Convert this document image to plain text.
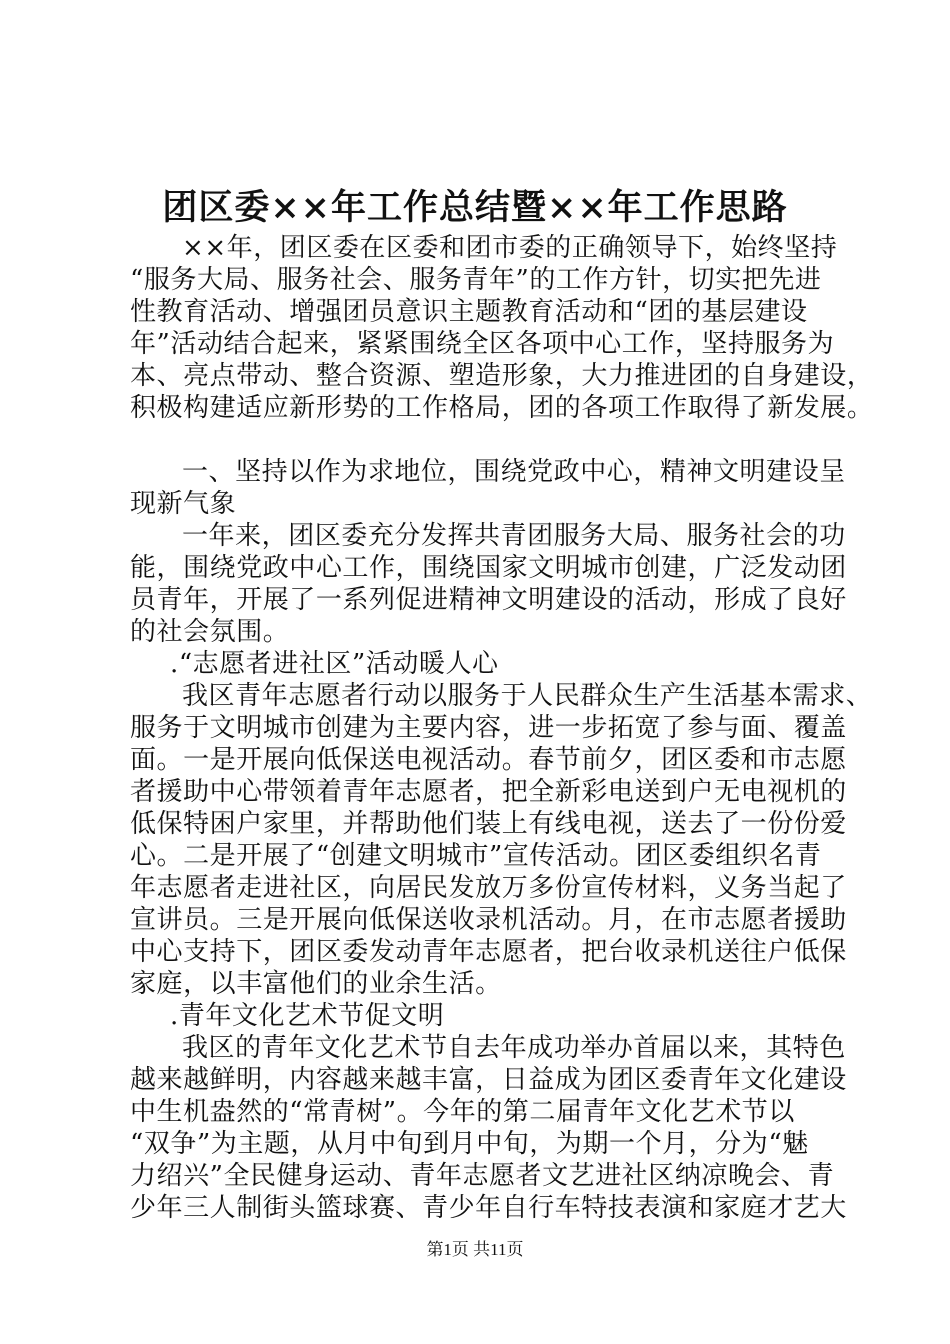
团区委××年工作总结暨××年工作思路
××年，团区委在区委和团市委的正确领导下，始终坚持
“服务大局、服务社会、服务青年”的工作方针，切实把先进
性教育活动、增强团员意识主题教育活动和“团的基层建设
年”活动结合起来，紧紧围绕全区各项中心工作，坚持服务为
本、亮点带动、整合资源、塑造形象，大力推进团的自身建设，
积极构建适应新形势的工作格局，团的各项工作取得了新发展。
一、坚持以作为求地位，围绕党政中心，精神文明建设呈
现新气象
一年来，团区委充分发挥共青团服务大局、服务社会的功
能，围绕党政中心工作，围绕国家文明城市创建，广泛发动团
员青年，开展了一系列促进精神文明建设的活动，形成了良好
的社会氛围。
.“志愿者进社区”活动暖人心
我区青年志愿者行动以服务于人民群众生产生活基本需求、
服务于文明城市创建为主要内容，进一步拓宽了参与面、覆盖
面。一是开展向低保送电视活动。春节前夕，团区委和市志愿
者援助中心带领着青年志愿者，把全新彩电送到户无电视机的
低保特困户家里，并帮助他们装上有线电视，送去了一份份爱
心。二是开展了“创建文明城市”宣传活动。团区委组织名青
年志愿者走进社区，向居民发放万多份宣传材料，义务当起了
宣讲员。三是开展向低保送收录机活动。月，在市志愿者援助
中心支持下，团区委发动青年志愿者，把台收录机送往户低保
家庭，以丰富他们的业余生活。
.青年文化艺术节促文明
我区的青年文化艺术节自去年成功举办首届以来，其特色
越来越鲜明，内容越来越丰富，日益成为团区委青年文化建设
中生机盎然的“常青树”。今年的第二届青年文化艺术节以
“双争”为主题，从月中旬到月中旬，为期一个月，分为“魅
力绍兴”全民健身运动、青年志愿者文艺进社区纳凉晚会、青
少年三人制街头篮球赛、青少年自行车特技表演和家庭才艺大
第1页 共11页
